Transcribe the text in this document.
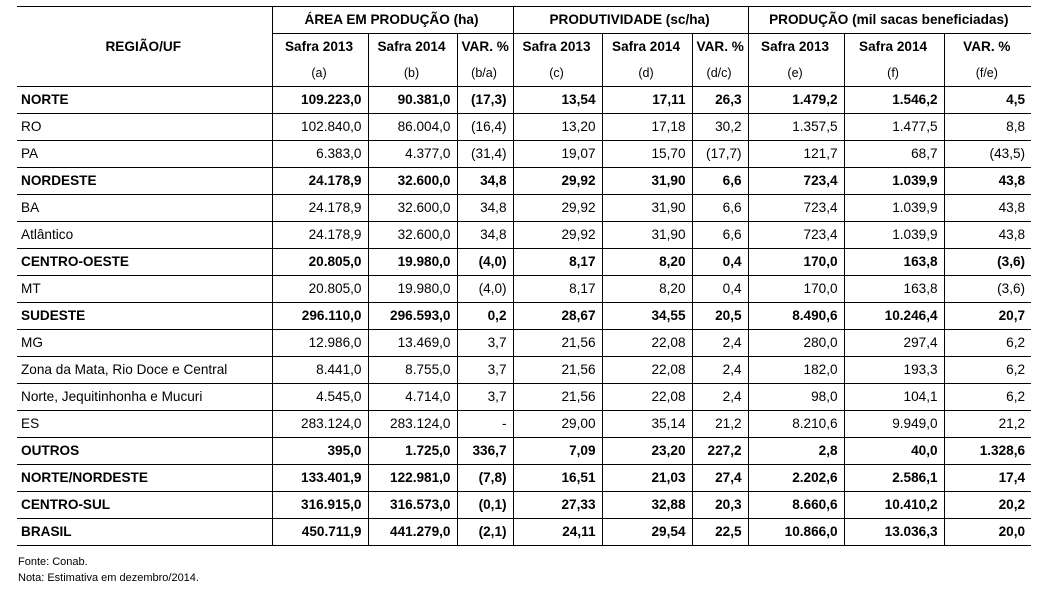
REGIÃO/UF	ÁREA EM PRODUÇÃO (ha)			PRODUTIVIDADE (sc/ha)			PRODUÇÃO (mil sacas beneficiadas)		
	Safra 2013	Safra 2014	VAR. %	Safra 2013	Safra 2014	VAR. %	Safra 2013	Safra 2014	VAR. %
	(a)	(b)	(b/a)	(c)	(d)	(d/c)	(e)	(f)	(f/e)
NORTE	109.223,0	90.381,0	(17,3)	13,54	17,11	26,3	1.479,2	1.546,2	4,5
RO	102.840,0	86.004,0	(16,4)	13,20	17,18	30,2	1.357,5	1.477,5	8,8
PA	6.383,0	4.377,0	(31,4)	19,07	15,70	(17,7)	121,7	68,7	(43,5)
NORDESTE	24.178,9	32.600,0	34,8	29,92	31,90	6,6	723,4	1.039,9	43,8
BA	24.178,9	32.600,0	34,8	29,92	31,90	6,6	723,4	1.039,9	43,8
Atlântico	24.178,9	32.600,0	34,8	29,92	31,90	6,6	723,4	1.039,9	43,8
CENTRO-OESTE	20.805,0	19.980,0	(4,0)	8,17	8,20	0,4	170,0	163,8	(3,6)
MT	20.805,0	19.980,0	(4,0)	8,17	8,20	0,4	170,0	163,8	(3,6)
SUDESTE	296.110,0	296.593,0	0,2	28,67	34,55	20,5	8.490,6	10.246,4	20,7
MG	12.986,0	13.469,0	3,7	21,56	22,08	2,4	280,0	297,4	6,2
Zona da Mata, Rio Doce e Central	8.441,0	8.755,0	3,7	21,56	22,08	2,4	182,0	193,3	6,2
Norte, Jequitinhonha e Mucuri	4.545,0	4.714,0	3,7	21,56	22,08	2,4	98,0	104,1	6,2
ES	283.124,0	283.124,0	-	29,00	35,14	21,2	8.210,6	9.949,0	21,2
OUTROS	395,0	1.725,0	336,7	7,09	23,20	227,2	2,8	40,0	1.328,6
NORTE/NORDESTE	133.401,9	122.981,0	(7,8)	16,51	21,03	27,4	2.202,6	2.586,1	17,4
CENTRO-SUL	316.915,0	316.573,0	(0,1)	27,33	32,88	20,3	8.660,6	10.410,2	20,2
BRASIL	450.711,9	441.279,0	(2,1)	24,11	29,54	22,5	10.866,0	13.036,3	20,0
Fonte: Conab.
Nota: Estimativa em dezembro/2014.
